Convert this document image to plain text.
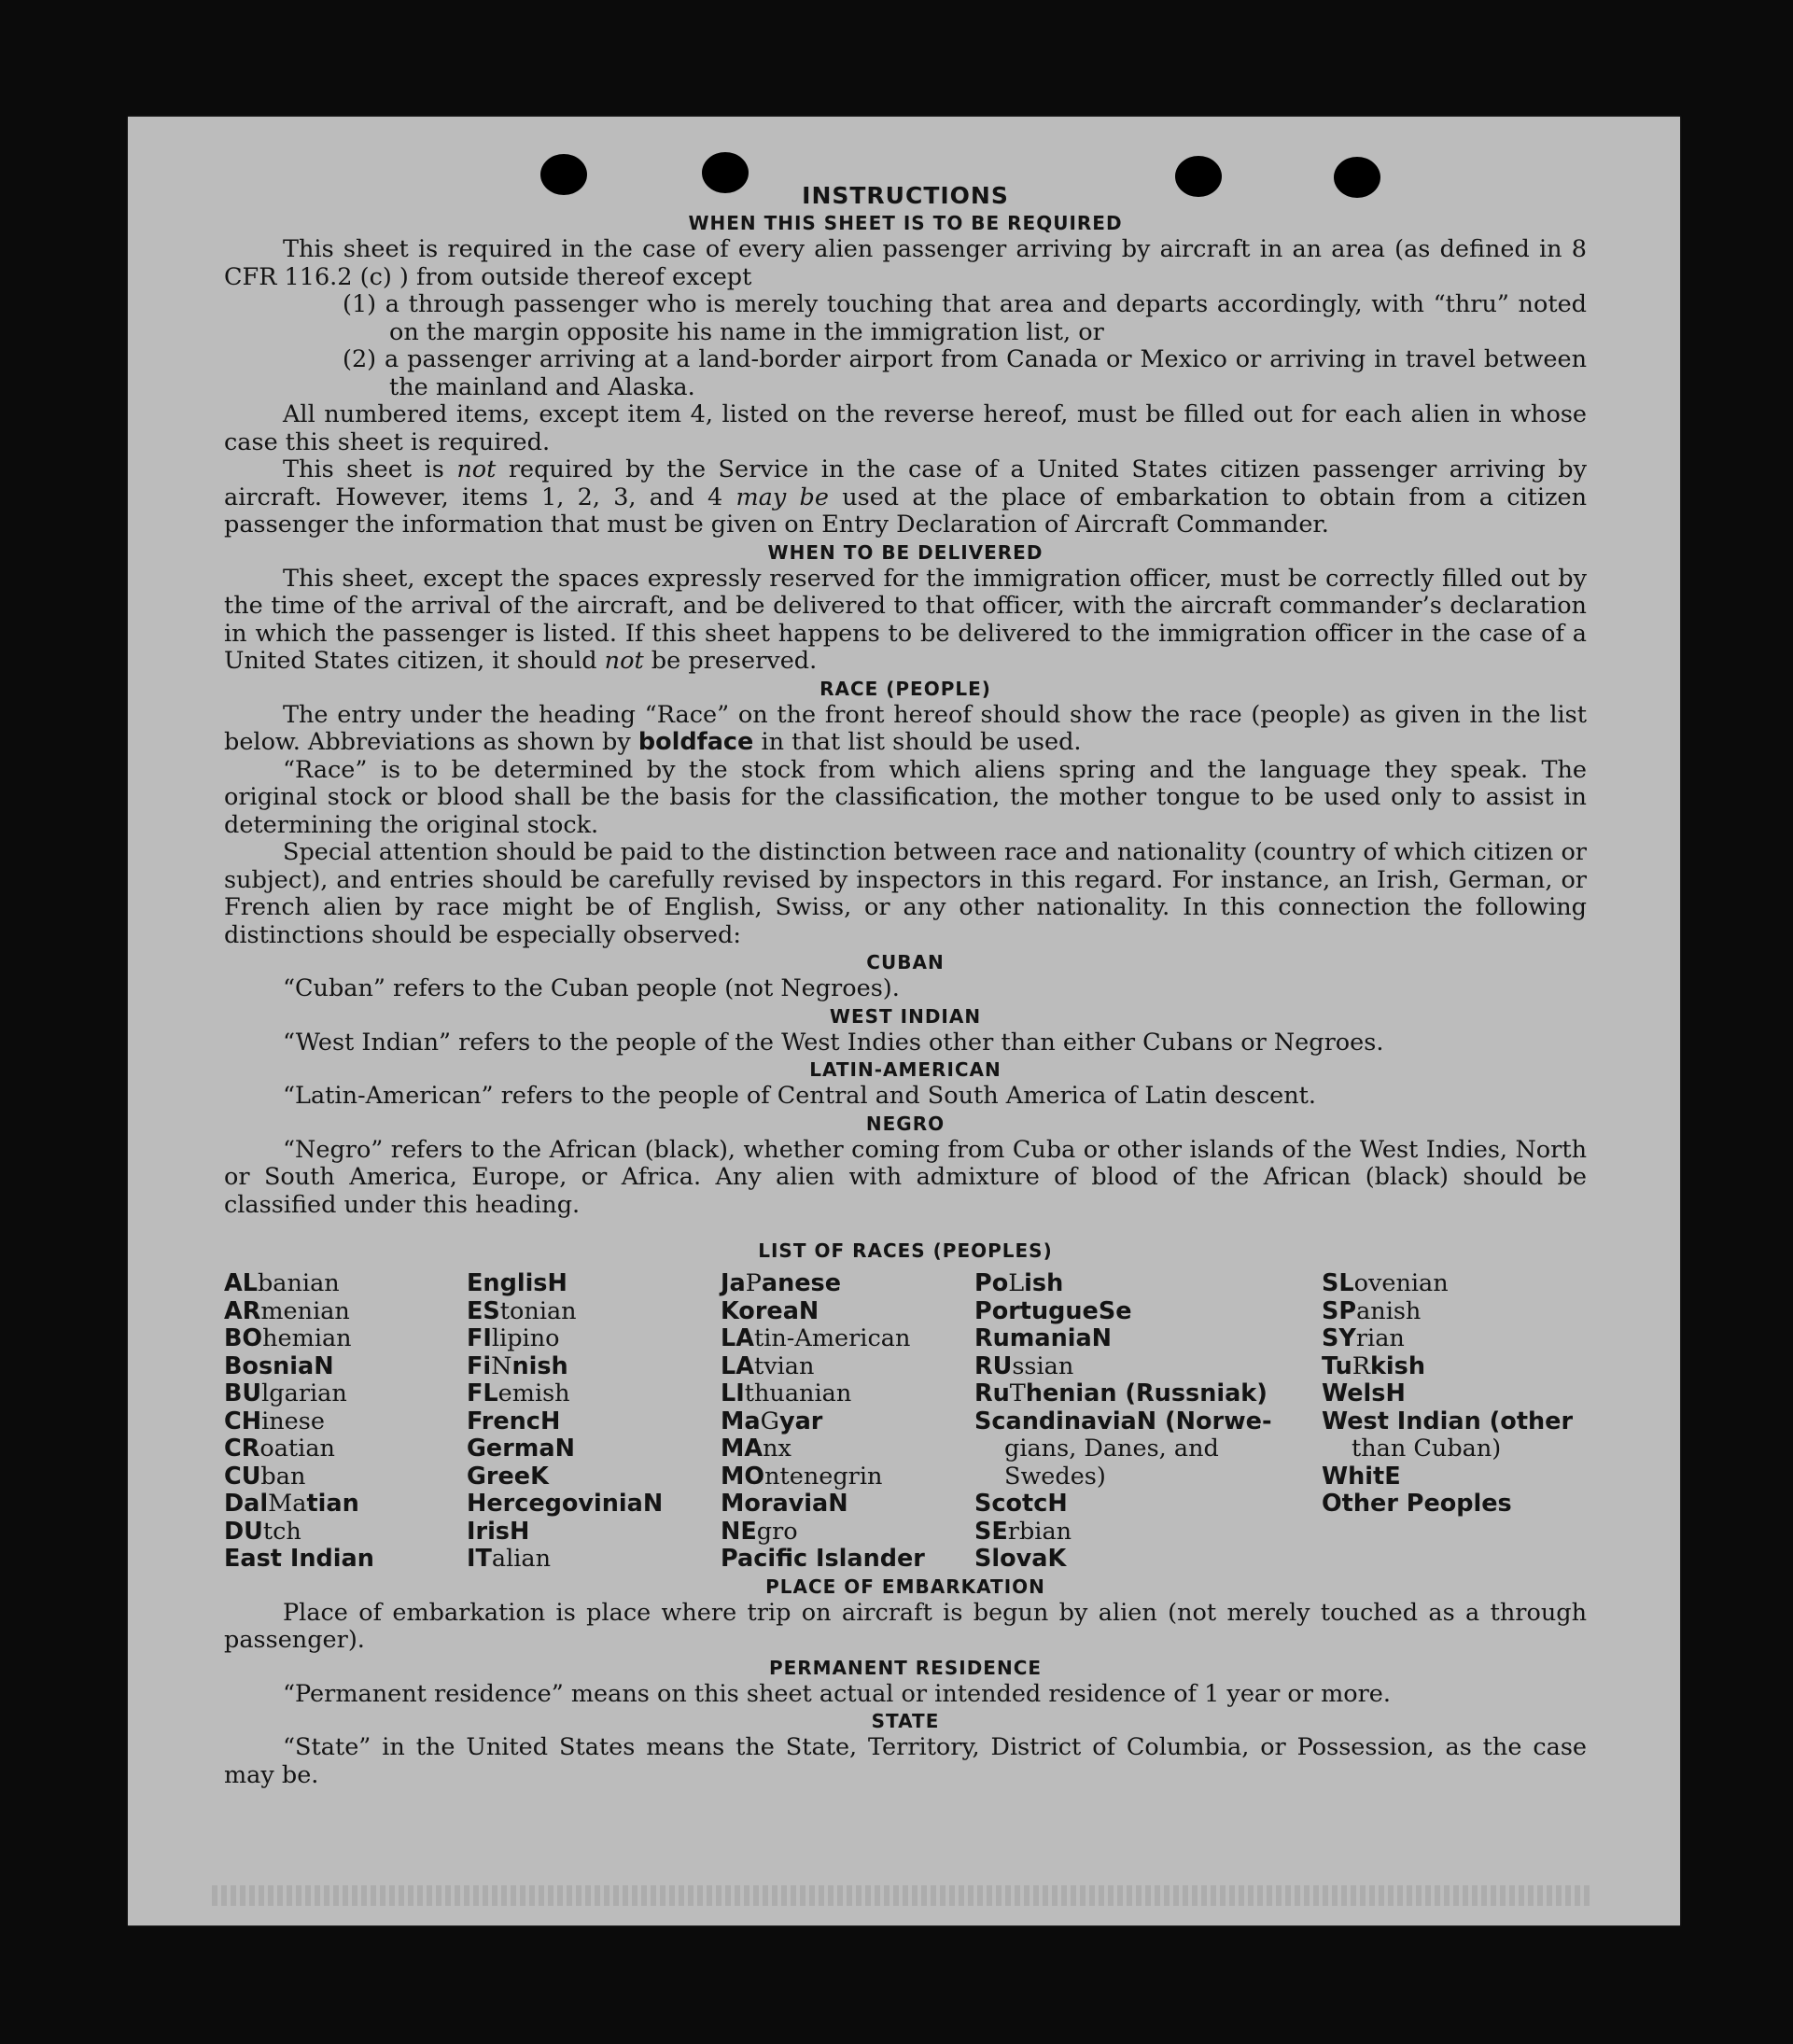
INSTRUCTIONS
WHEN THIS SHEET IS TO BE REQUIRED

This sheet is required in the case of every alien passenger arriving by aircraft in an area (as defined in 8 CFR 116.2 (c) ) from outside thereof except

(1) a through passenger who is merely touching that area and departs accordingly, with “thru” noted on the margin opposite his name in the immigration list, or
(2) a passenger arriving at a land-border airport from Canada or Mexico or arriving in travel between the mainland and Alaska.

All numbered items, except item 4, listed on the reverse hereof, must be filled out for each alien in whose case this sheet is required.

This sheet is not required by the Service in the case of a United States citizen passenger arriving by aircraft. However, items 1, 2, 3, and 4 may be used at the place of embarkation to obtain from a citizen passenger the information that must be given on Entry Declaration of Aircraft Commander.

WHEN TO BE DELIVERED

This sheet, except the spaces expressly reserved for the immigration officer, must be correctly filled out by the time of the arrival of the aircraft, and be delivered to that officer, with the aircraft commander’s declaration in which the passenger is listed. If this sheet happens to be delivered to the immigration officer in the case of a United States citizen, it should not be preserved.

RACE (PEOPLE)

The entry under the heading “Race” on the front hereof should show the race (people) as given in the list below. Abbreviations as shown by boldface in that list should be used.

“Race” is to be determined by the stock from which aliens spring and the language they speak. The original stock or blood shall be the basis for the classification, the mother tongue to be used only to assist in determining the original stock.

Special attention should be paid to the distinction between race and nationality (country of which citizen or subject), and entries should be carefully revised by inspectors in this regard. For instance, an Irish, German, or French alien by race might be of English, Swiss, or any other nationality. In this connection the following distinctions should be especially observed:

CUBAN
“Cuban” refers to the Cuban people (not Negroes).
WEST INDIAN
“West Indian” refers to the people of the West Indies other than either Cubans or Negroes.
LATIN-AMERICAN
“Latin-American” refers to the people of Central and South America of Latin descent.
NEGRO

“Negro” refers to the African (black), whether coming from Cuba or other islands of the West Indies, North or South America, Europe, or Africa. Any alien with admixture of blood of the African (black) should be classified under this heading.

LIST OF RACES (PEOPLES)
ALbanian
ARmenian
BOhemian
BosniaN
BUlgarian
CHinese
CRoatian
CUban
DalMatian
DUtch
East Indian
EnglisH
EStonian
FIlipino
FiNnish
FLemish
FrencH
GermaN
GreeK
HercegoviniaN
IrisH
ITalian
JaPanese
KoreaN
LAtin-American
LAtvian
LIthuanian
MaGyar
MAnx
MOntenegrin
MoraviaN
NEgro
Pacific Islander
PoLish
PortugueSe
RumaniaN
RUssian
RuThenian (Russniak)
ScandinaviaN (Norwe-
gians, Danes, and
Swedes)
ScotcH
SErbian
SlovaK
SLovenian
SPanish
SYrian
TuRkish
WelsH
West Indian (other
than Cuban)
WhitE
Other Peoples
PLACE OF EMBARKATION

Place of embarkation is place where trip on aircraft is begun by alien (not merely touched as a through passenger).

PERMANENT RESIDENCE
“Permanent residence” means on this sheet actual or intended residence of 1 year or more.
STATE

“State” in the United States means the State, Territory, District of Columbia, or Possession, as the case may be.
